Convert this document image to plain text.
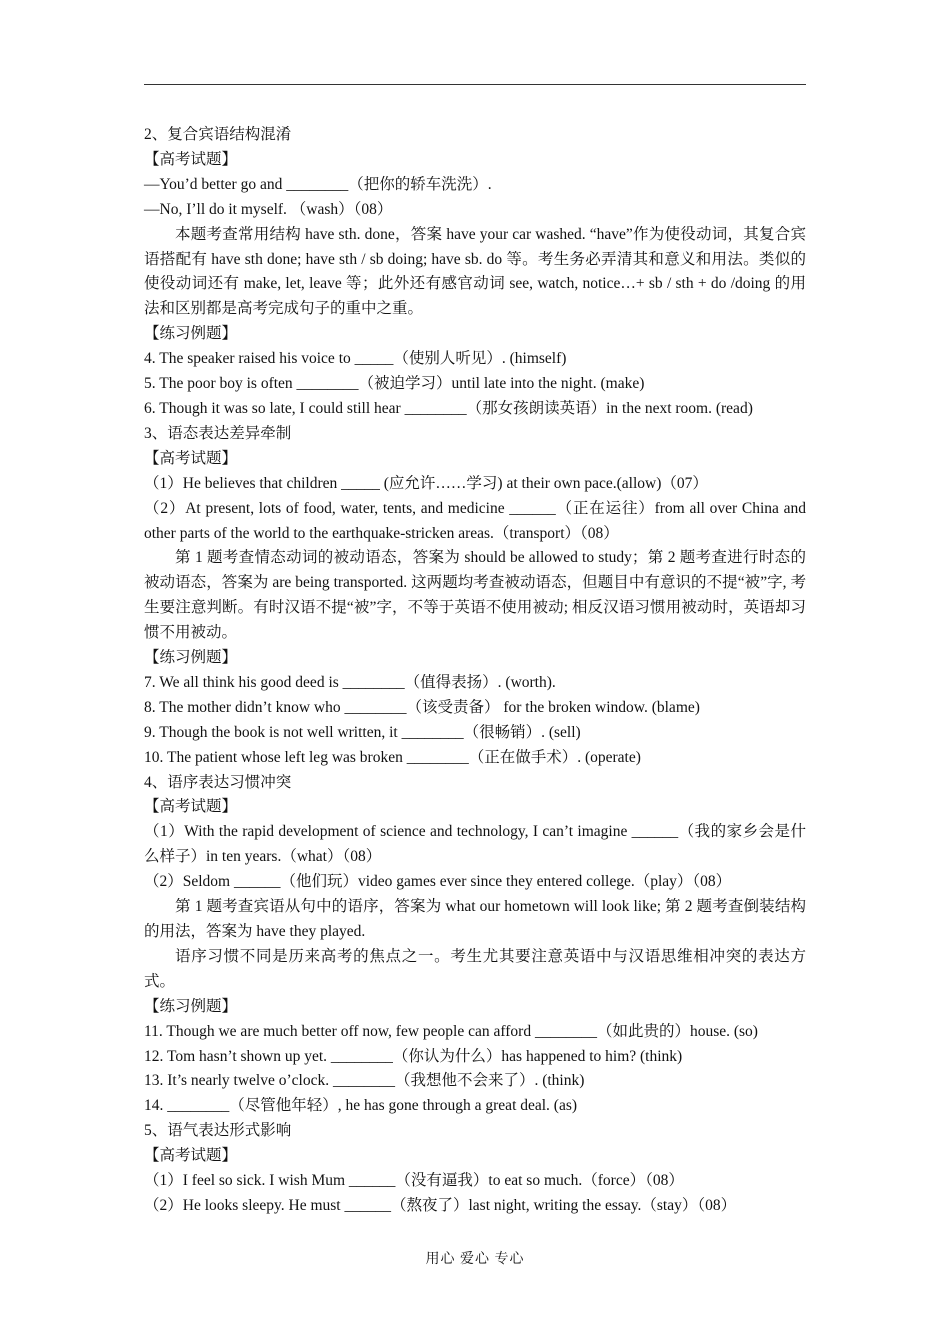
2、复合宾语结构混淆

【高考试题】

—You’d better go and ________（把你的轿车洗洗）.

—No, I’ll do it myself. （wash）（08）

本题考查常用结构 have sth. done，答案 have your car washed. “have”作为使役动词，其复合宾语搭配有 have sth done; have sth / sb doing; have sb. do 等。考生务必弄清其和意义和用法。类似的使役动词还有 make, let, leave 等；此外还有感官动词 see, watch, notice…+ sb / sth + do /doing 的用法和区别都是高考完成句子的重中之重。

【练习例题】

4. The speaker raised his voice to _____（使别人听见）. (himself)

5. The poor boy is often ________（被迫学习）until late into the night. (make)

6. Though it was so late, I could still hear ________（那女孩朗读英语）in the next room. (read)

3、语态表达差异牵制

【高考试题】

（1）He believes that children _____ (应允许……学习) at their own pace.(allow)（07）

（2）At present, lots of food, water, tents, and medicine ______（正在运往）from all over China and other parts of the world to the earthquake-stricken areas.（transport）（08）

第 1 题考查情态动词的被动语态，答案为 should be allowed to study；第 2 题考查进行时态的被动语态，答案为 are being transported. 这两题均考查被动语态，但题目中有意识的不提“被”字, 考生要注意判断。有时汉语不提“被”字，不等于英语不使用被动; 相反汉语习惯用被动时，英语却习惯不用被动。

【练习例题】

7. We all think his good deed is ________（值得表扬）. (worth).

8. The mother didn’t know who ________（该受责备） for the broken window. (blame)

9. Though the book is not well written, it ________（很畅销）. (sell)

10. The patient whose left leg was broken ________（正在做手术）. (operate)

4、语序表达习惯冲突

【高考试题】

（1）With the rapid development of science and technology, I can’t imagine ______（我的家乡会是什么样子）in ten years.（what）（08）

（2）Seldom ______（他们玩）video games ever since they entered college.（play）（08）

第 1 题考查宾语从句中的语序，答案为 what our hometown will look like; 第 2 题考查倒装结构的用法，答案为 have they played.

语序习惯不同是历来高考的焦点之一。考生尤其要注意英语中与汉语思维相冲突的表达方式。

【练习例题】

11. Though we are much better off now, few people can afford ________（如此贵的）house. (so)

12. Tom hasn’t shown up yet. ________（你认为什么）has happened to him? (think)

13. It’s nearly twelve o’clock. ________（我想他不会来了）. (think)

14. ________（尽管他年轻）, he has gone through a great deal. (as)

5、语气表达形式影响

【高考试题】

（1）I feel so sick. I wish Mum ______（没有逼我）to eat so much.（force）（08）

（2）He looks sleepy. He must ______（熬夜了）last night, writing the essay.（stay）（08）

用心 爱心 专心
